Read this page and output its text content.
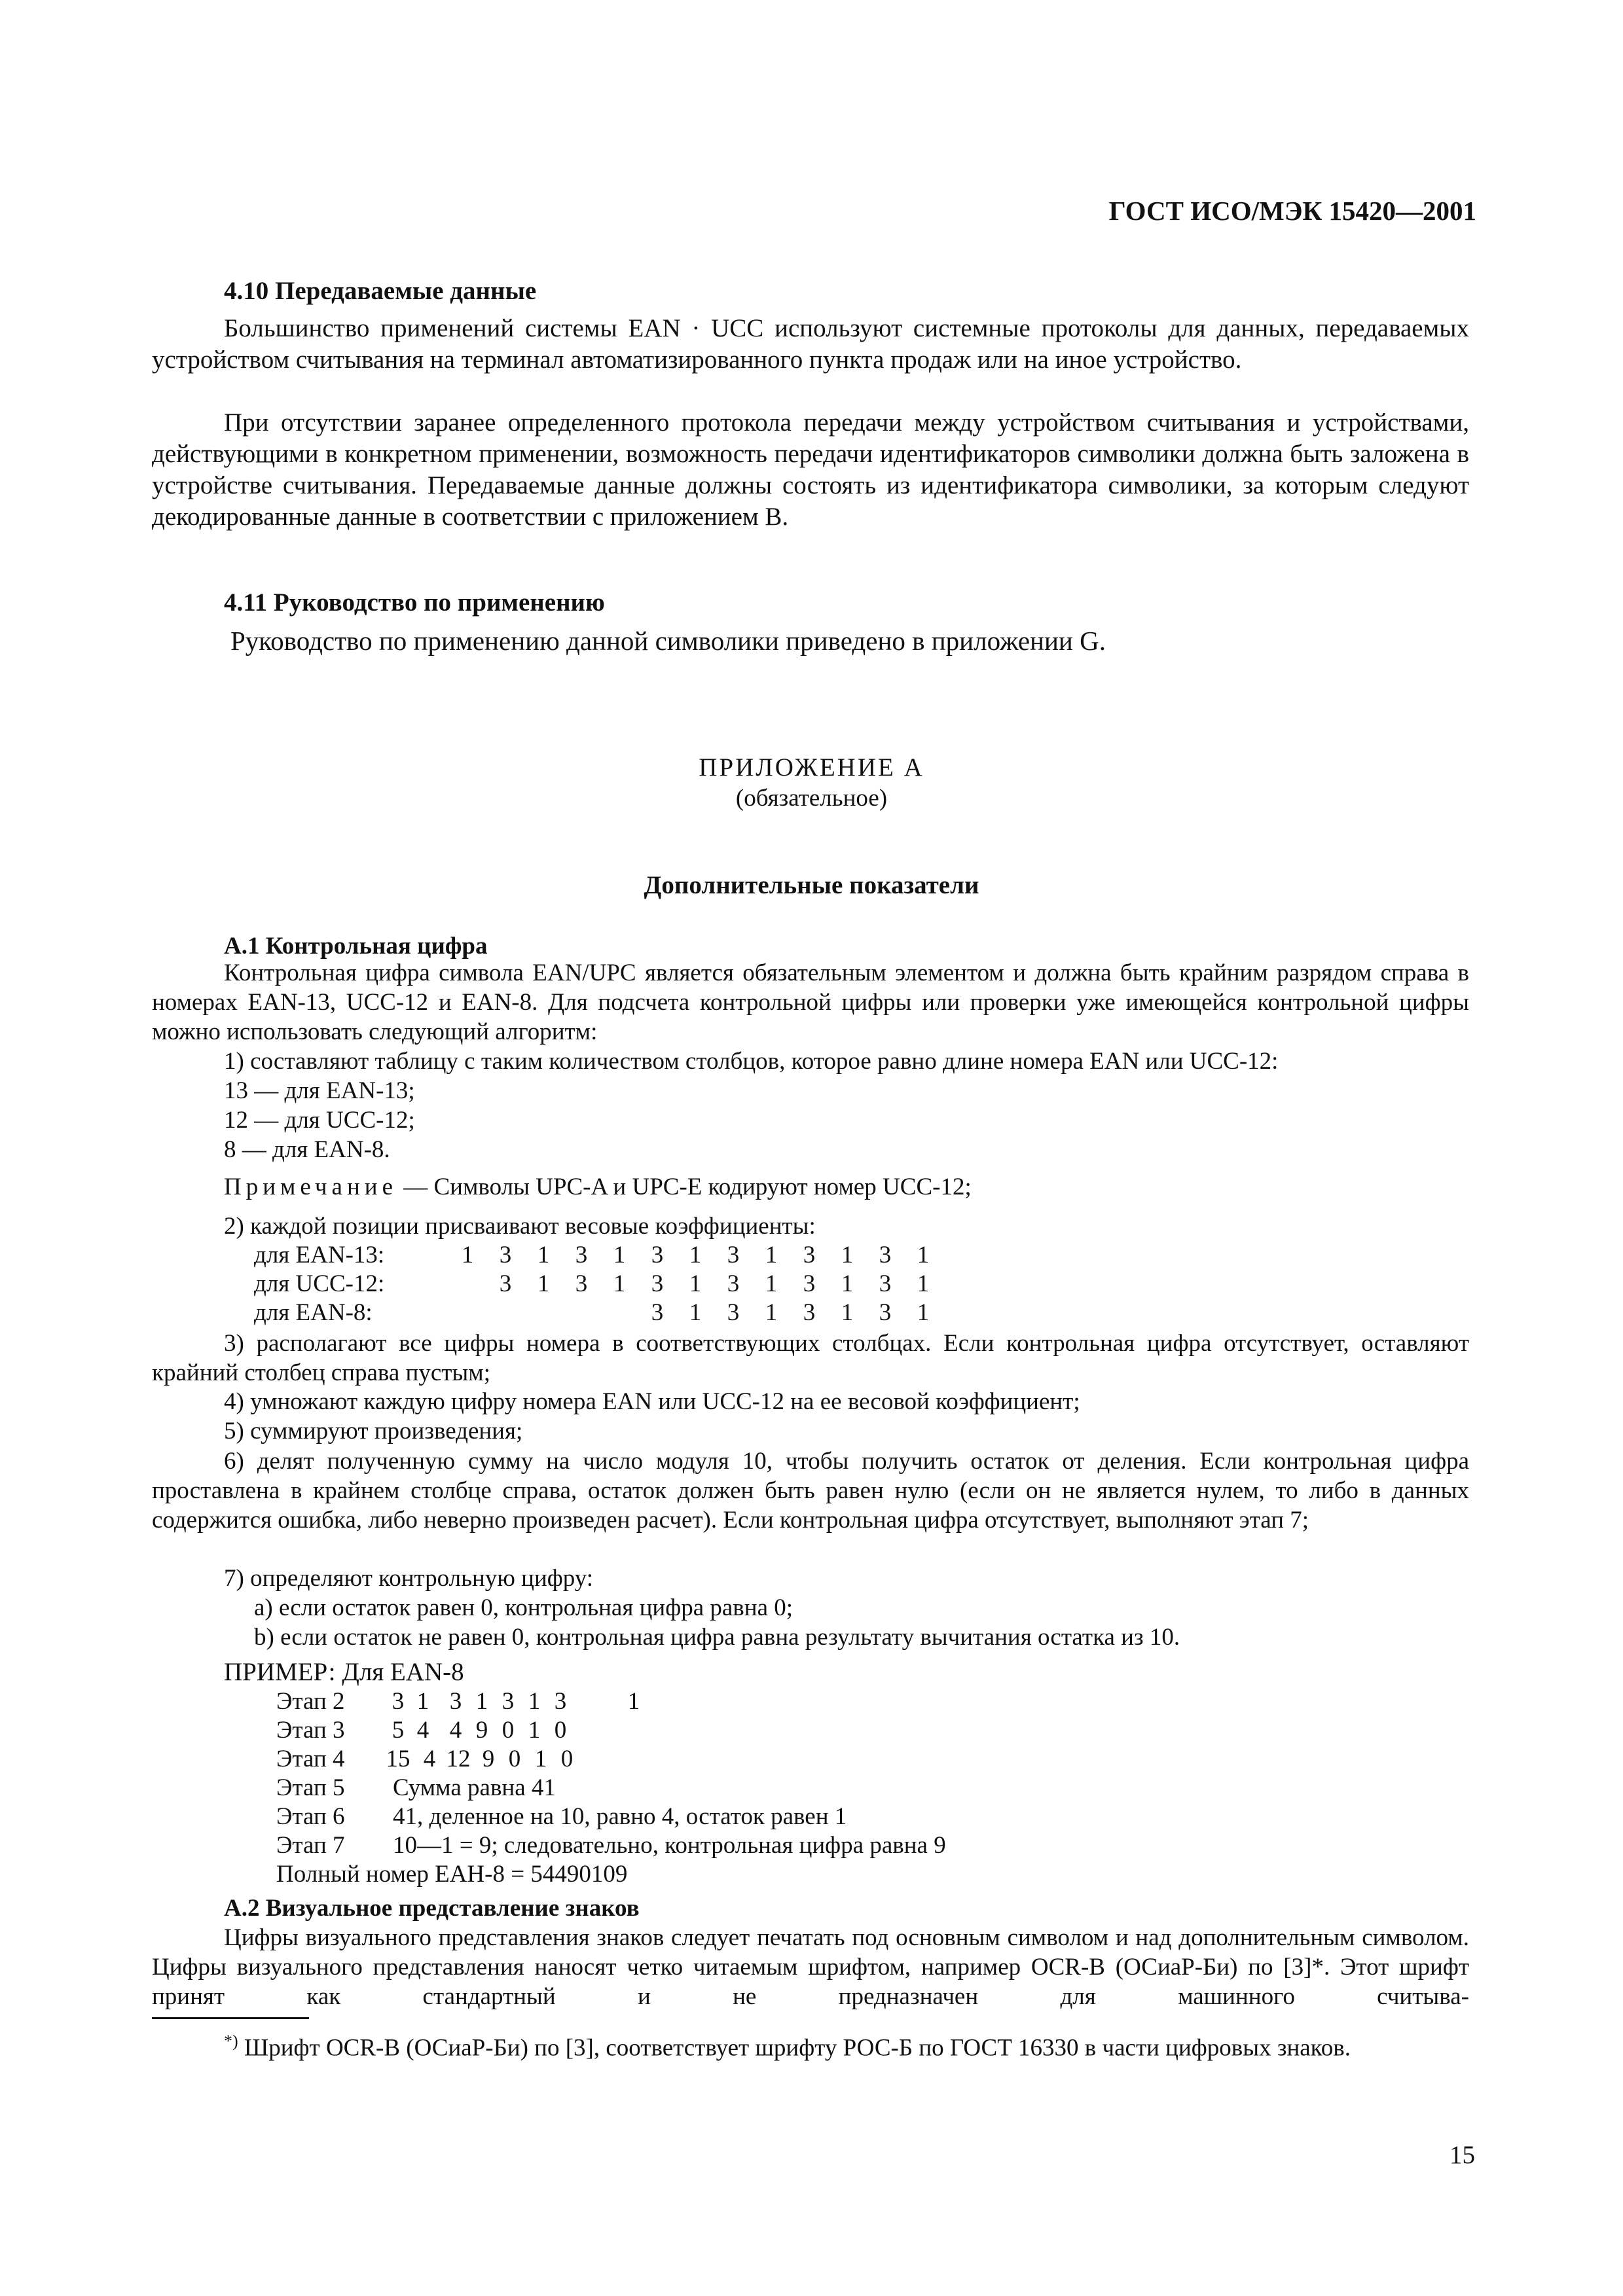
ГОСТ ИСО/МЭК 15420—2001
4.10 Передаваемые данные

Большинство применений системы EAN · UCC используют системные протоколы для данных, передаваемых устройством считывания на терминал автоматизированного пункта продаж или на иное устройство.

При отсутствии заранее определенного протокола передачи между устройством считывания и устройствами, действующими в конкретном применении, возможность передачи идентификаторов символики должна быть заложена в устройстве считывания. Передаваемые данные должны состоять из идентификатора символики, за которым следуют декодированные данные в соответствии с приложением B.

4.11 Руководство по применению
Руководство по применению данной символики приведено в приложении G.
ПРИЛОЖЕНИЕ А
(обязательное)
Дополнительные показатели
А.1 Контрольная цифра

Контрольная цифра символа EAN/UPC является обязательным элементом и должна быть крайним разрядом справа в номерах EAN-13, UCC-12 и EAN-8. Для подсчета контрольной цифры или проверки уже имеющейся контрольной цифры можно использовать следующий алгоритм:

1) составляют таблицу с таким количеством столбцов, которое равно длине номера EAN или UCC-12:
13 — для EAN-13;
12 — для UCC-12;
8 — для EAN-8.
Примечание — Символы UPC-A и UPC-E кодируют номер UCC-12;
2) каждой позиции присваивают весовые коэффициенты:
для EAN-13:	1 3 1 3 1 3 1 3 1 3 1 3 1
для UCC-12:	3 1 3 1 3 1 3 1 3 1 3 1
для EAN-8:	3 1 3 1 3 1 3 1

3) располагают все цифры номера в соответствующих столбцах. Если контрольная цифра отсутствует, оставляют крайний столбец справа пустым;

4) умножают каждую цифру номера EAN или UCC-12 на ее весовой коэффициент;
5) суммируют произведения;

6) делят полученную сумму на число модуля 10, чтобы получить остаток от деления. Если контрольная цифра проставлена в крайнем столбце справа, остаток должен быть равен нулю (если он не является нулем, то либо в данных содержится ошибка, либо неверно произведен расчет). Если контрольная цифра отсутствует, выполняют этап 7;

7) определяют контрольную цифру:
a) если остаток равен 0, контрольная цифра равна 0;
b) если остаток не равен 0, контрольная цифра равна результату вычитания остатка из 10.
ПРИМЕР: Для EAN-8
Этап 2 3 1 3 1 3 1 3	1
Этап 3 5 4 4 9 0 1 0
Этап 4 15 4 12 9 0 1 0
Этап 5 Сумма равна 41
Этап 6 41, деленное на 10, равно 4, остаток равен 1
Этап 7 10—1 = 9; следовательно, контрольная цифра равна 9
Полный номер EAH-8 = 54490109
А.2 Визуальное представление знаков

Цифры визуального представления знаков следует печатать под основным символом и над дополнительным символом. Цифры визуального представления наносят четко читаемым шрифтом, например OCR-B (ОСиаР-Би) по [3]*. Этот шрифт принят как стандартный и не предназначен для машинного считыва-

*) Шрифт OCR-B (ОСиаР-Би) по [3], соответствует шрифту РОС-Б по ГОСТ 16330 в части цифровых знаков.

15
